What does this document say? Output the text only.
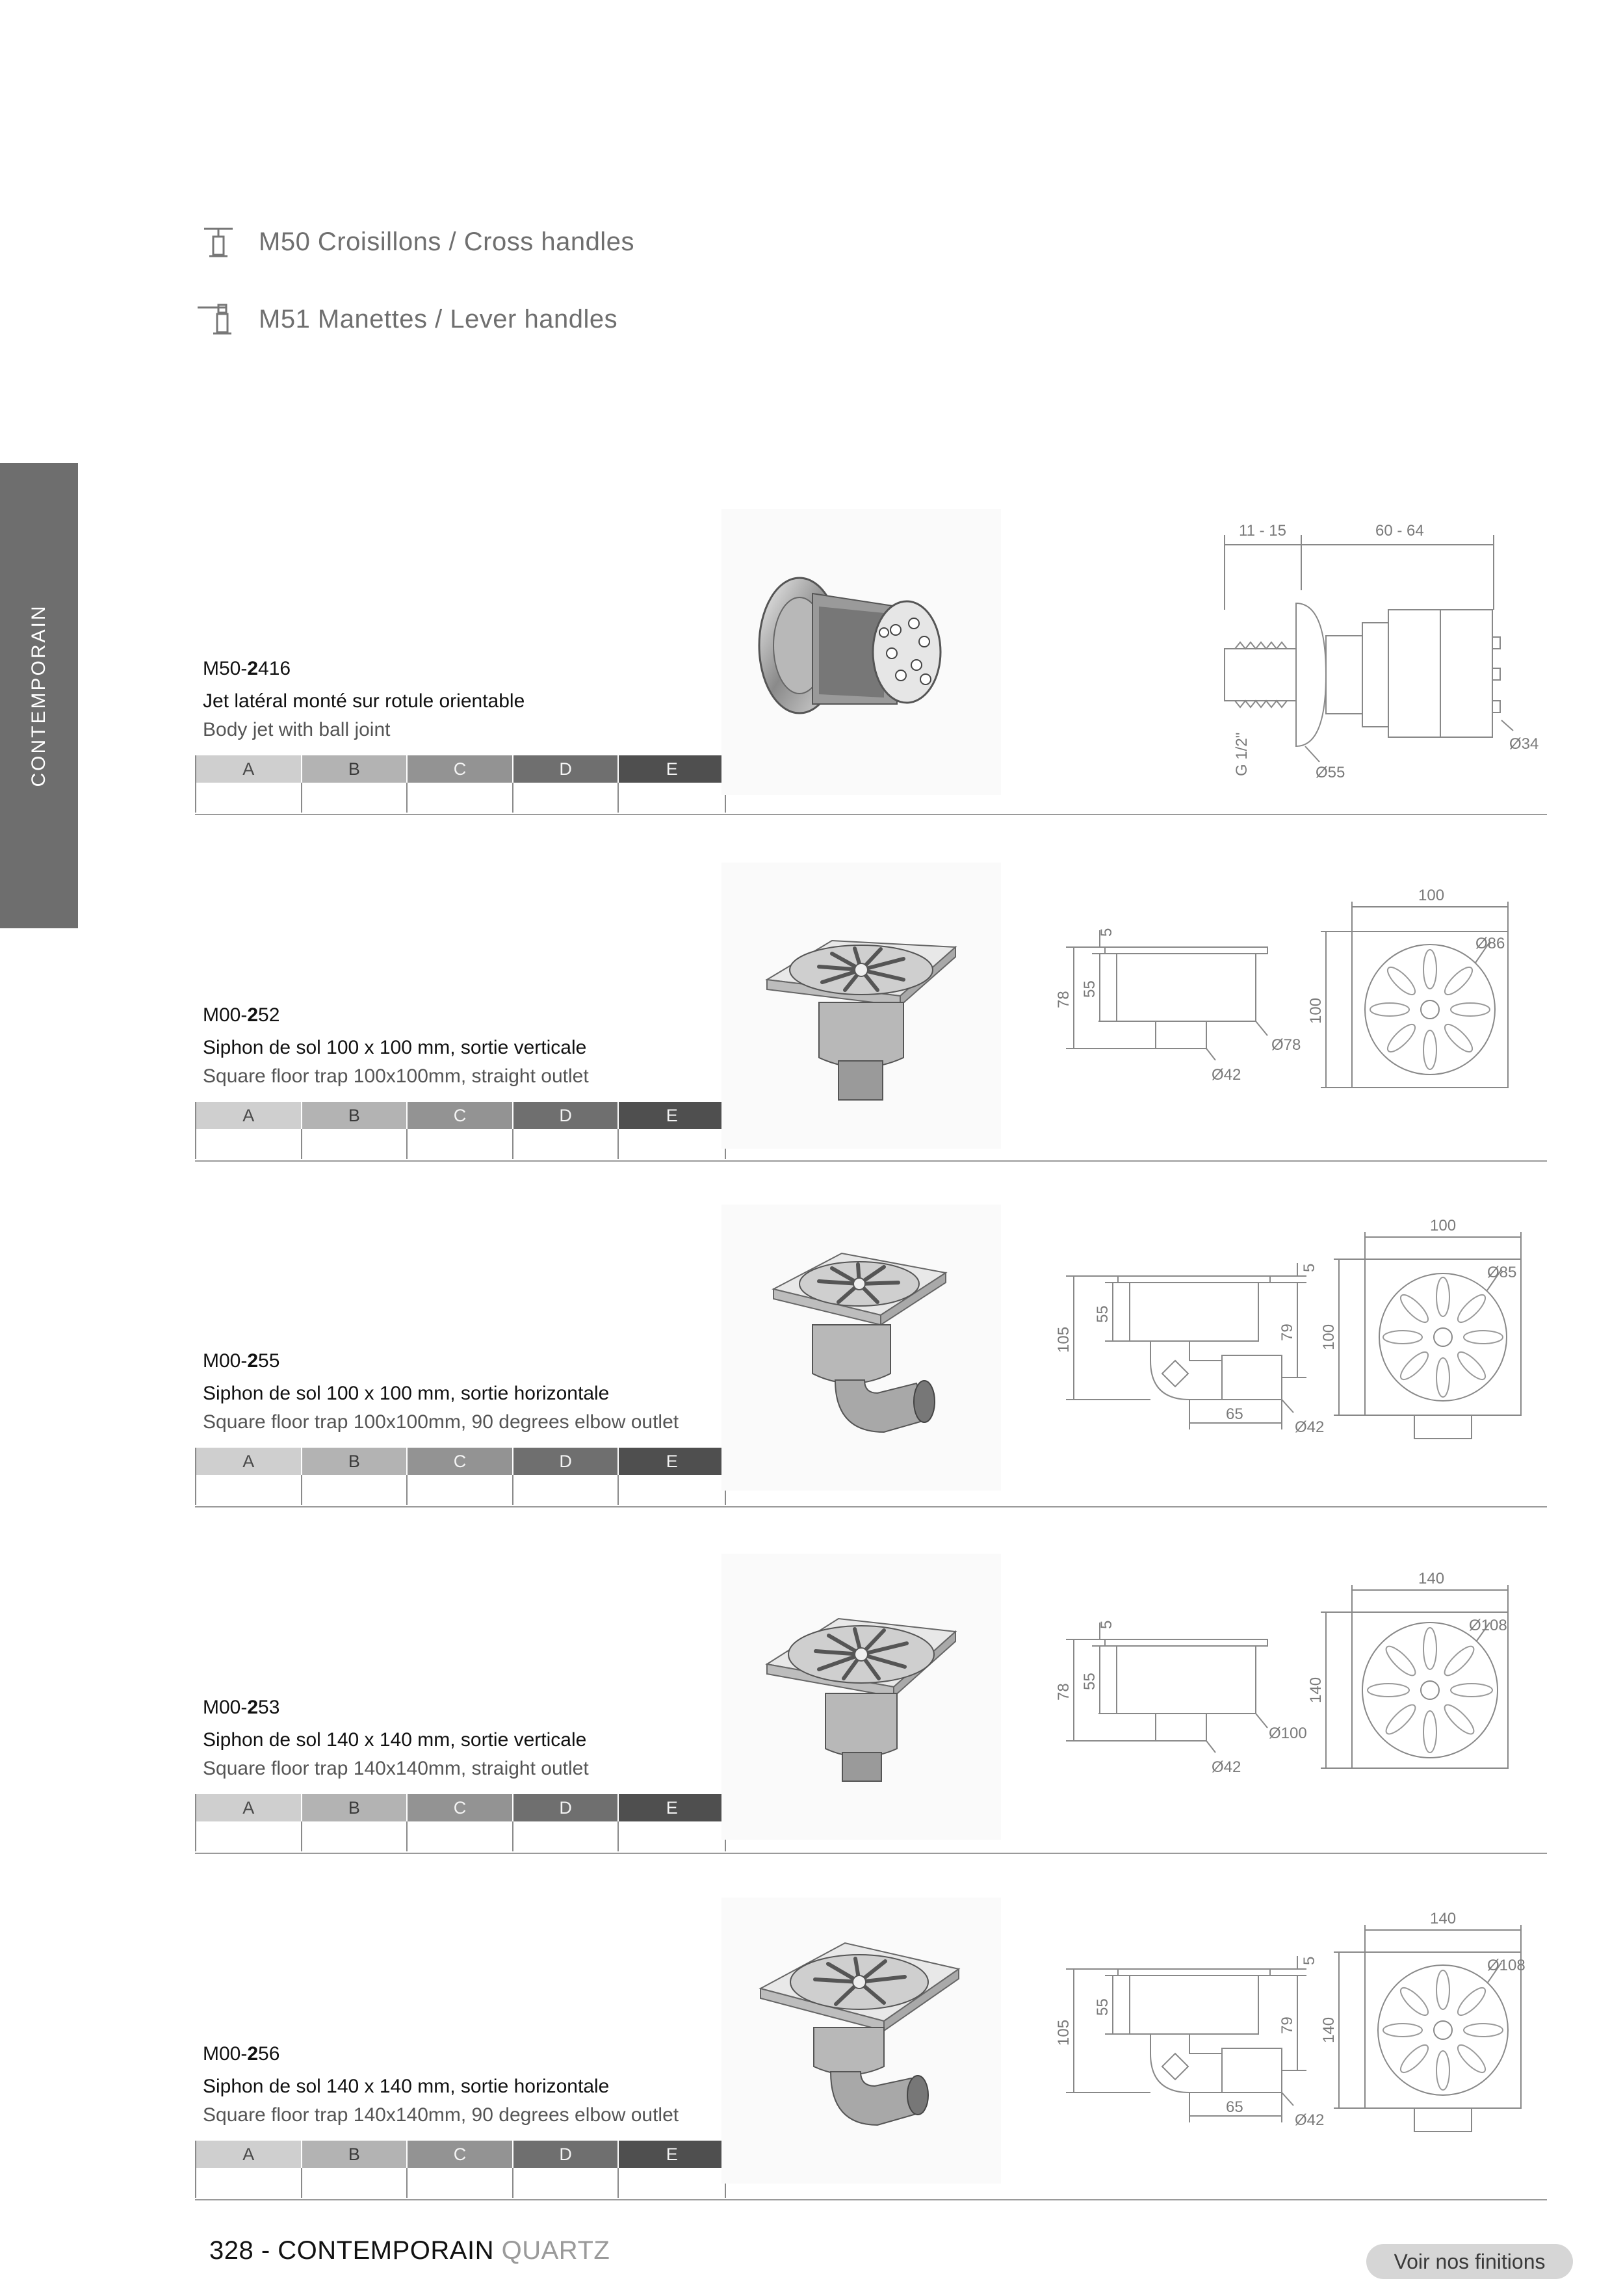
M50 Croisillons / Cross handles
M51 Manettes / Lever handles
CONTEMPORAIN	M50-2416
Jet latéral monté sur rotule orientable
Body jet with ball joint
A	B	C	D	E
11 - 15	60 - 64
G 1/2"	Ø55
Ø34
M00-252
Siphon de sol 100 x 100 mm, sortie verticale
Square floor trap 100x100mm, straight outlet
A	B	C	D	E
5
55
78
Ø78
Ø42
100
100
Ø86
M00-255
Siphon de sol 100 x 100 mm, sortie horizontale
Square floor trap 100x100mm, 90 degrees elbow outlet
A	B	C	D	E
5
55
105	79
65
Ø42
100
100
Ø85
M00-253
Siphon de sol 140 x 140 mm, sortie verticale
Square floor trap 140x140mm, straight outlet
A	B	C	D	E
5
55
78
Ø100
Ø42
140
140
Ø108
M00-256
Siphon de sol 140 x 140 mm, sortie horizontale
Square floor trap 140x140mm, 90 degrees elbow outlet
A	B	C	D	E
5
55
105	79
65
Ø42
140
140
Ø108
328 - CONTEMPORAIN QUARTZ	Voir nos finitions
